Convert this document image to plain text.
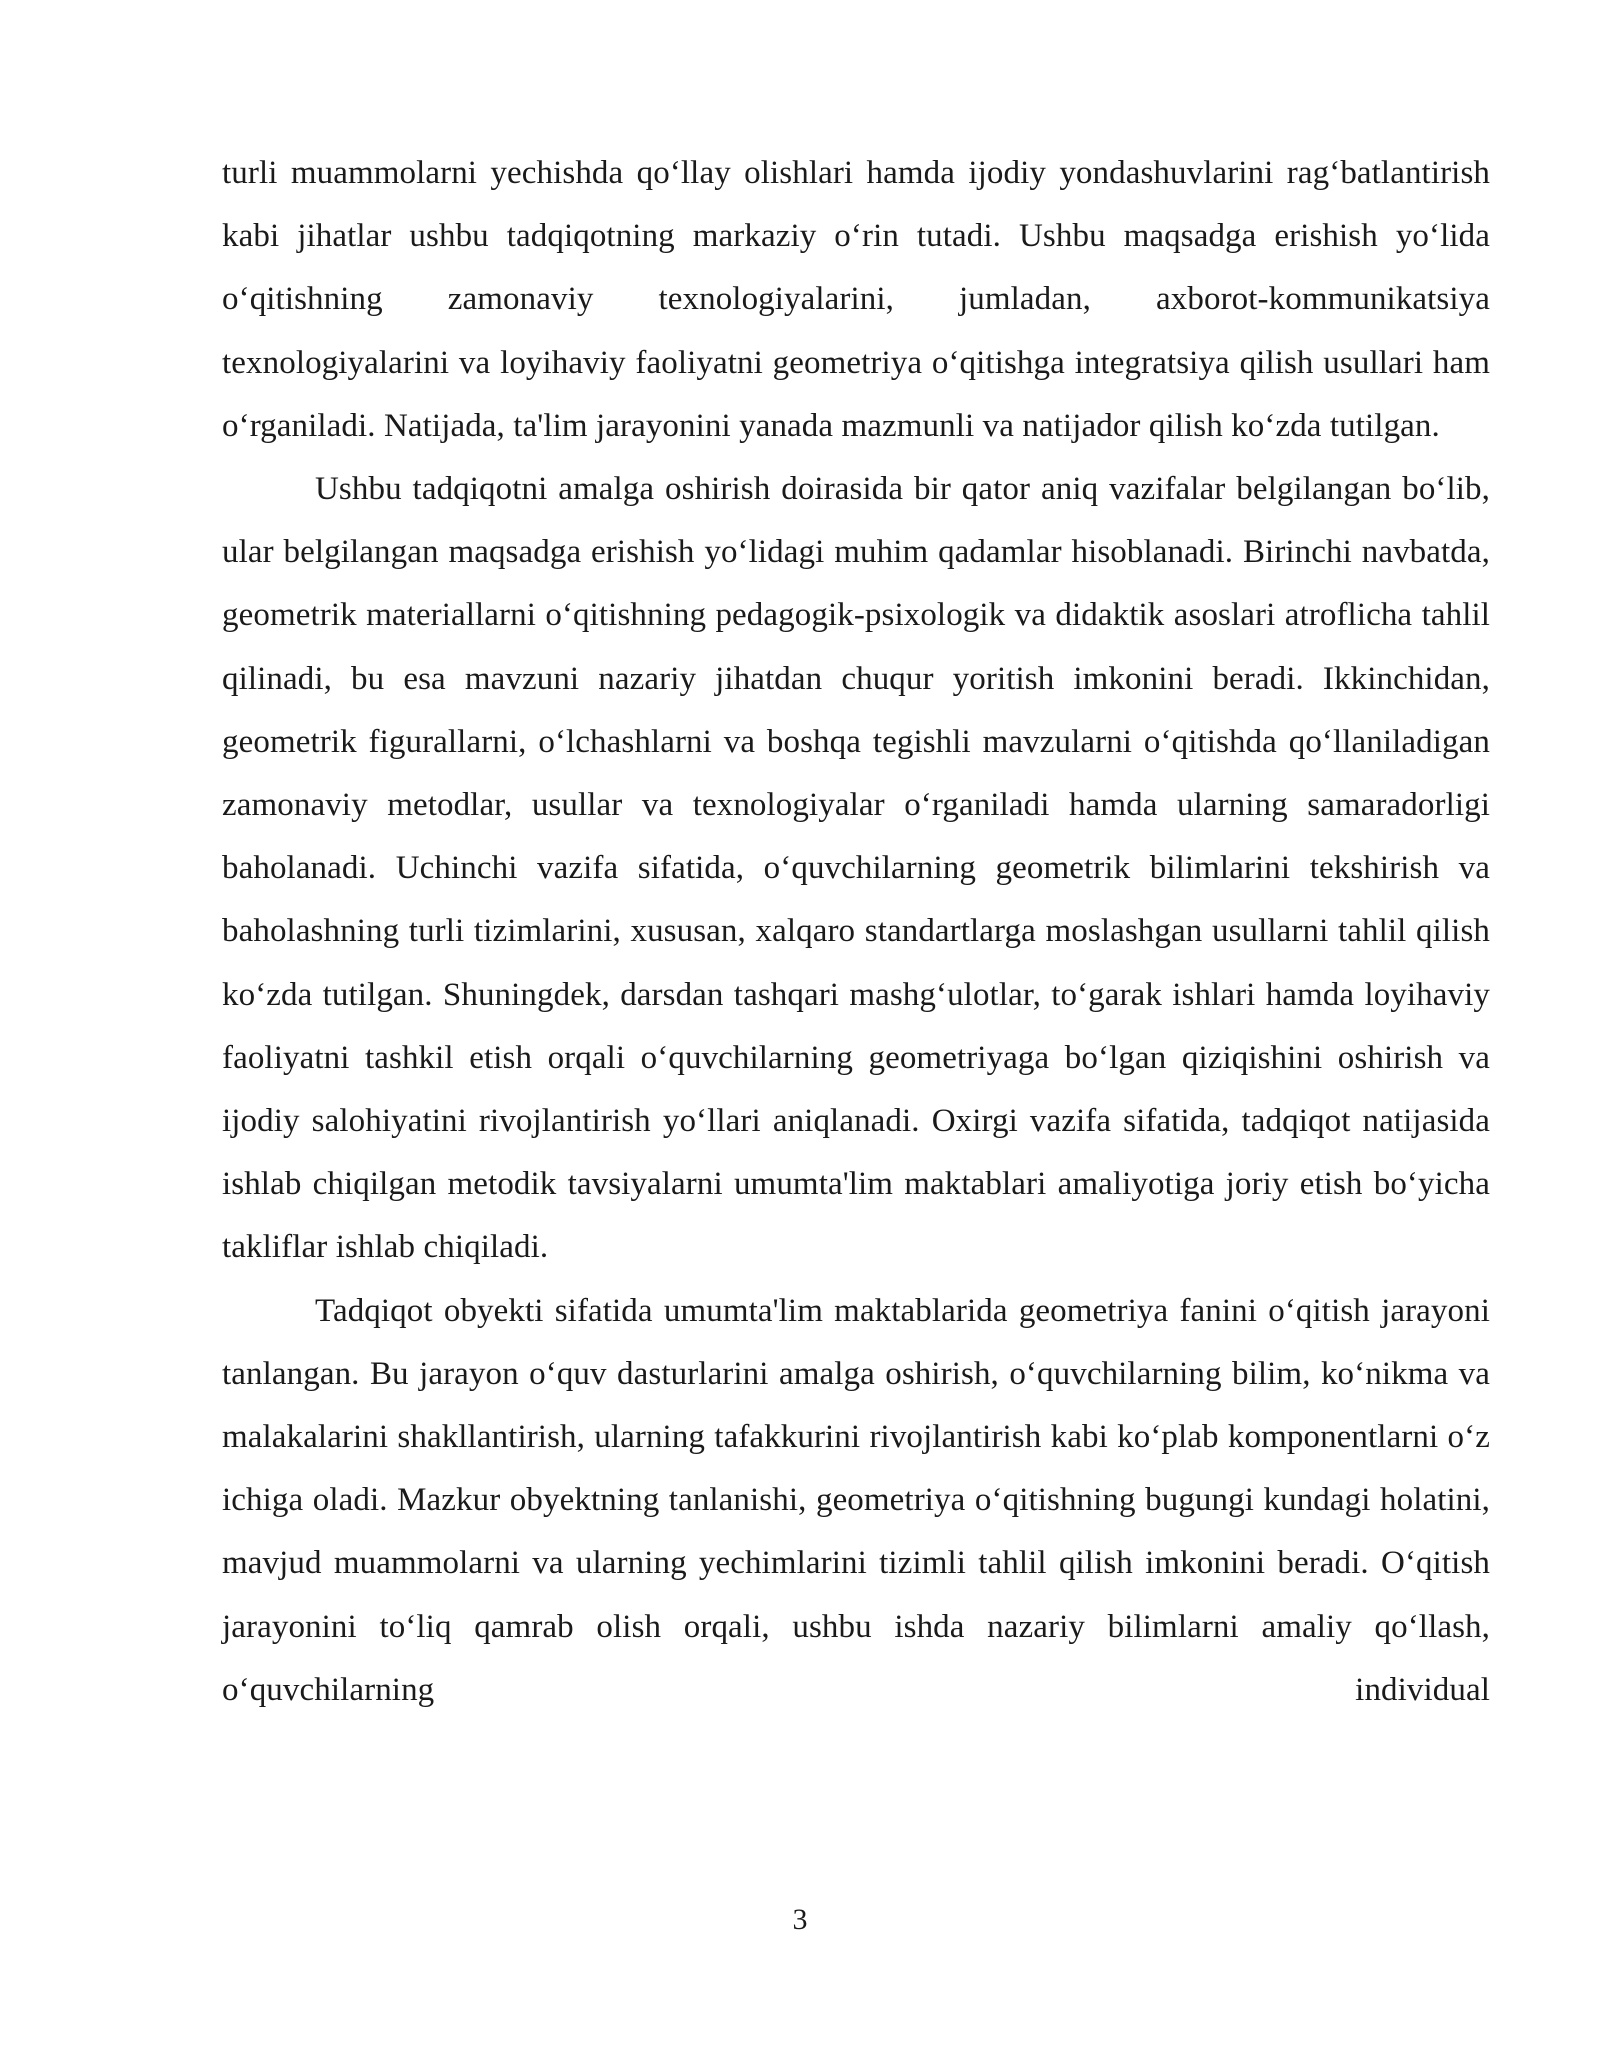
turli muammolarni yechishda qoʻllay olishlari hamda ijodiy yondashuvlarini ragʻbatlantirish kabi jihatlar ushbu tadqiqotning markaziy oʻrin tutadi. Ushbu maqsadga erishish yoʻlida oʻqitishning zamonaviy texnologiyalarini, jumladan, axborot-kommunikatsiya texnologiyalarini va loyihaviy faoliyatni geometriya oʻqitishga integratsiya qilish usullari ham oʻrganiladi. Natijada, ta'lim jarayonini yanada mazmunli va natijador qilish koʻzda tutilgan.

Ushbu tadqiqotni amalga oshirish doirasida bir qator aniq vazifalar belgilangan boʻlib, ular belgilangan maqsadga erishish yoʻlidagi muhim qadamlar hisoblanadi. Birinchi navbatda, geometrik materiallarni oʻqitishning pedagogik-psixologik va didaktik asoslari atroflicha tahlil qilinadi, bu esa mavzuni nazariy jihatdan chuqur yoritish imkonini beradi. Ikkinchidan, geometrik figurallarni, oʻlchashlarni va boshqa tegishli mavzularni oʻqitishda qoʻllaniladigan zamonaviy metodlar, usullar va texnologiyalar oʻrganiladi hamda ularning samaradorligi baholanadi. Uchinchi vazifa sifatida, oʻquvchilarning geometrik bilimlarini tekshirish va baholashning turli tizimlarini, xususan, xalqaro standartlarga moslashgan usullarni tahlil qilish koʻzda tutilgan. Shuningdek, darsdan tashqari mashgʻulotlar, toʻgarak ishlari hamda loyihaviy faoliyatni tashkil etish orqali oʻquvchilarning geometriyaga boʻlgan qiziqishini oshirish va ijodiy salohiyatini rivojlantirish yoʻllari aniqlanadi. Oxirgi vazifa sifatida, tadqiqot natijasida ishlab chiqilgan metodik tavsiyalarni umumta'lim maktablari amaliyotiga joriy etish boʻyicha takliflar ishlab chiqiladi.

Tadqiqot obyekti sifatida umumta'lim maktablarida geometriya fanini oʻqitish jarayoni tanlangan. Bu jarayon oʻquv dasturlarini amalga oshirish, oʻquvchilarning bilim, koʻnikma va malakalarini shakllantirish, ularning tafakkurini rivojlantirish kabi koʻplab komponentlarni oʻz ichiga oladi. Mazkur obyektning tanlanishi, geometriya oʻqitishning bugungi kundagi holatini, mavjud muammolarni va ularning yechimlarini tizimli tahlil qilish imkonini beradi. Oʻqitish jarayonini toʻliq qamrab olish orqali, ushbu ishda nazariy bilimlarni amaliy qoʻllash, oʻquvchilarning individual

3
